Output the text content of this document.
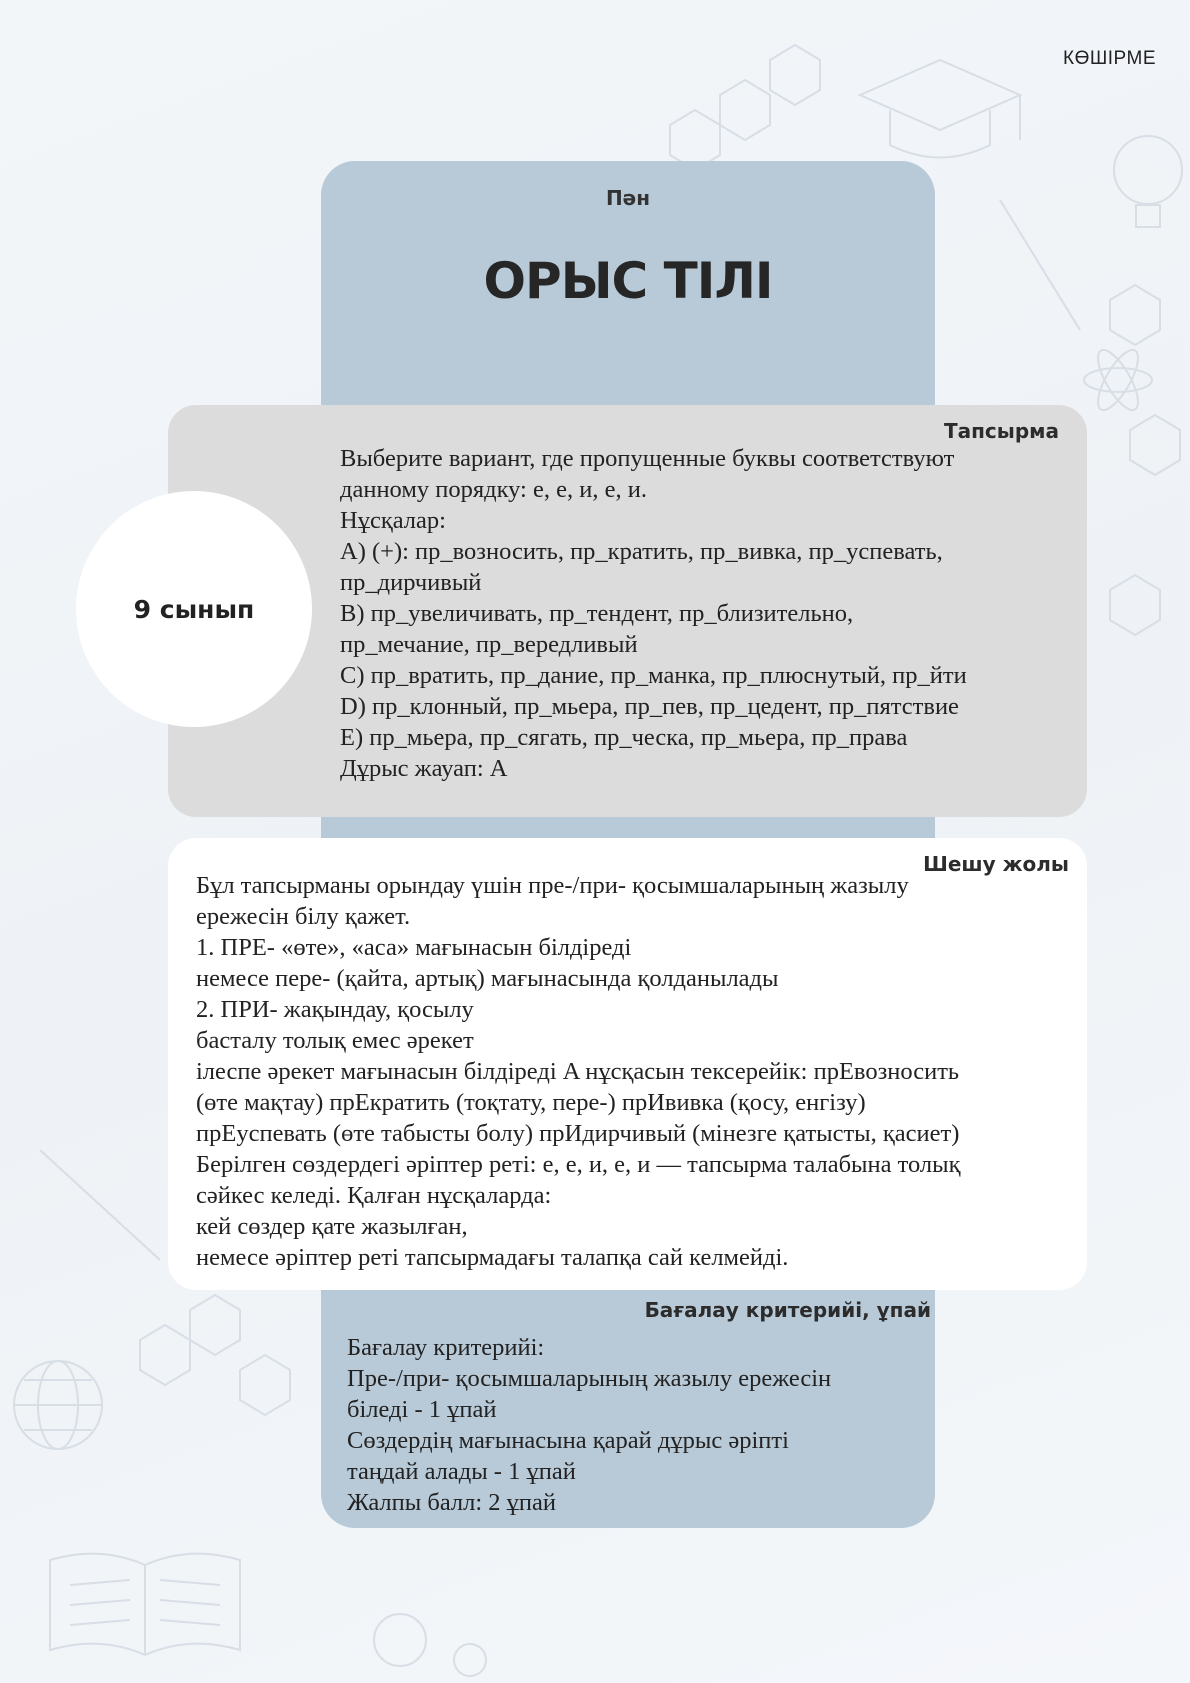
КӨШІРМЕ
Пән
ОРЫС ТІЛІ
Тапсырма
Выберите вариант, где пропущенные буквы соответствуют
данному порядку: е, е, и, е, и.
Нұсқалар:
A) (+): пр_возносить, пр_кратить, пр_вивка, пр_успевать,
пр_дирчивый
B) пр_увеличивать, пр_тендент, пр_близительно,
пр_мечание, пр_вередливый
C) пр_вратить, пр_дание, пр_манка, пр_плюснутый, пр_йти
D) пр_клонный, пр_мьера, пр_пев, пр_цедент, пр_пятствие
E) пр_мьера, пр_сягать, пр_ческа, пр_мьера, пр_права
Дұрыс жауап: A
9 сынып
Шешу жолы
Бұл тапсырманы орындау үшін пре-/при- қосымшаларының жазылу
ережесін білу қажет.
1. ПРЕ- «өте», «аса» мағынасын білдіреді
немесе пере- (қайта, артық) мағынасында қолданылады
2. ПРИ- жақындау, қосылу
басталу толық емес әрекет
ілеспе әрекет мағынасын білдіреді A нұсқасын тексерейік: прЕвозносить
(өте мақтау) прЕкратить (тоқтату, пере-) прИвивка (қосу, енгізу)
прЕуспевать (өте табысты болу) прИдирчивый (мінезге қатысты, қасиет)
Берілген сөздердегі әріптер реті: е, е, и, е, и — тапсырма талабына толық
сәйкес келеді. Қалған нұсқаларда:
кей сөздер қате жазылған,
немесе әріптер реті тапсырмадағы талапқа сай келмейді.
Бағалау критерийі, ұпай
Бағалау критерийі:
Пре-/при- қосымшаларының жазылу ережесін
біледі - 1 ұпай
Сөздердің мағынасына қарай дұрыс әріпті
таңдай алады - 1 ұпай
Жалпы балл: 2 ұпай
